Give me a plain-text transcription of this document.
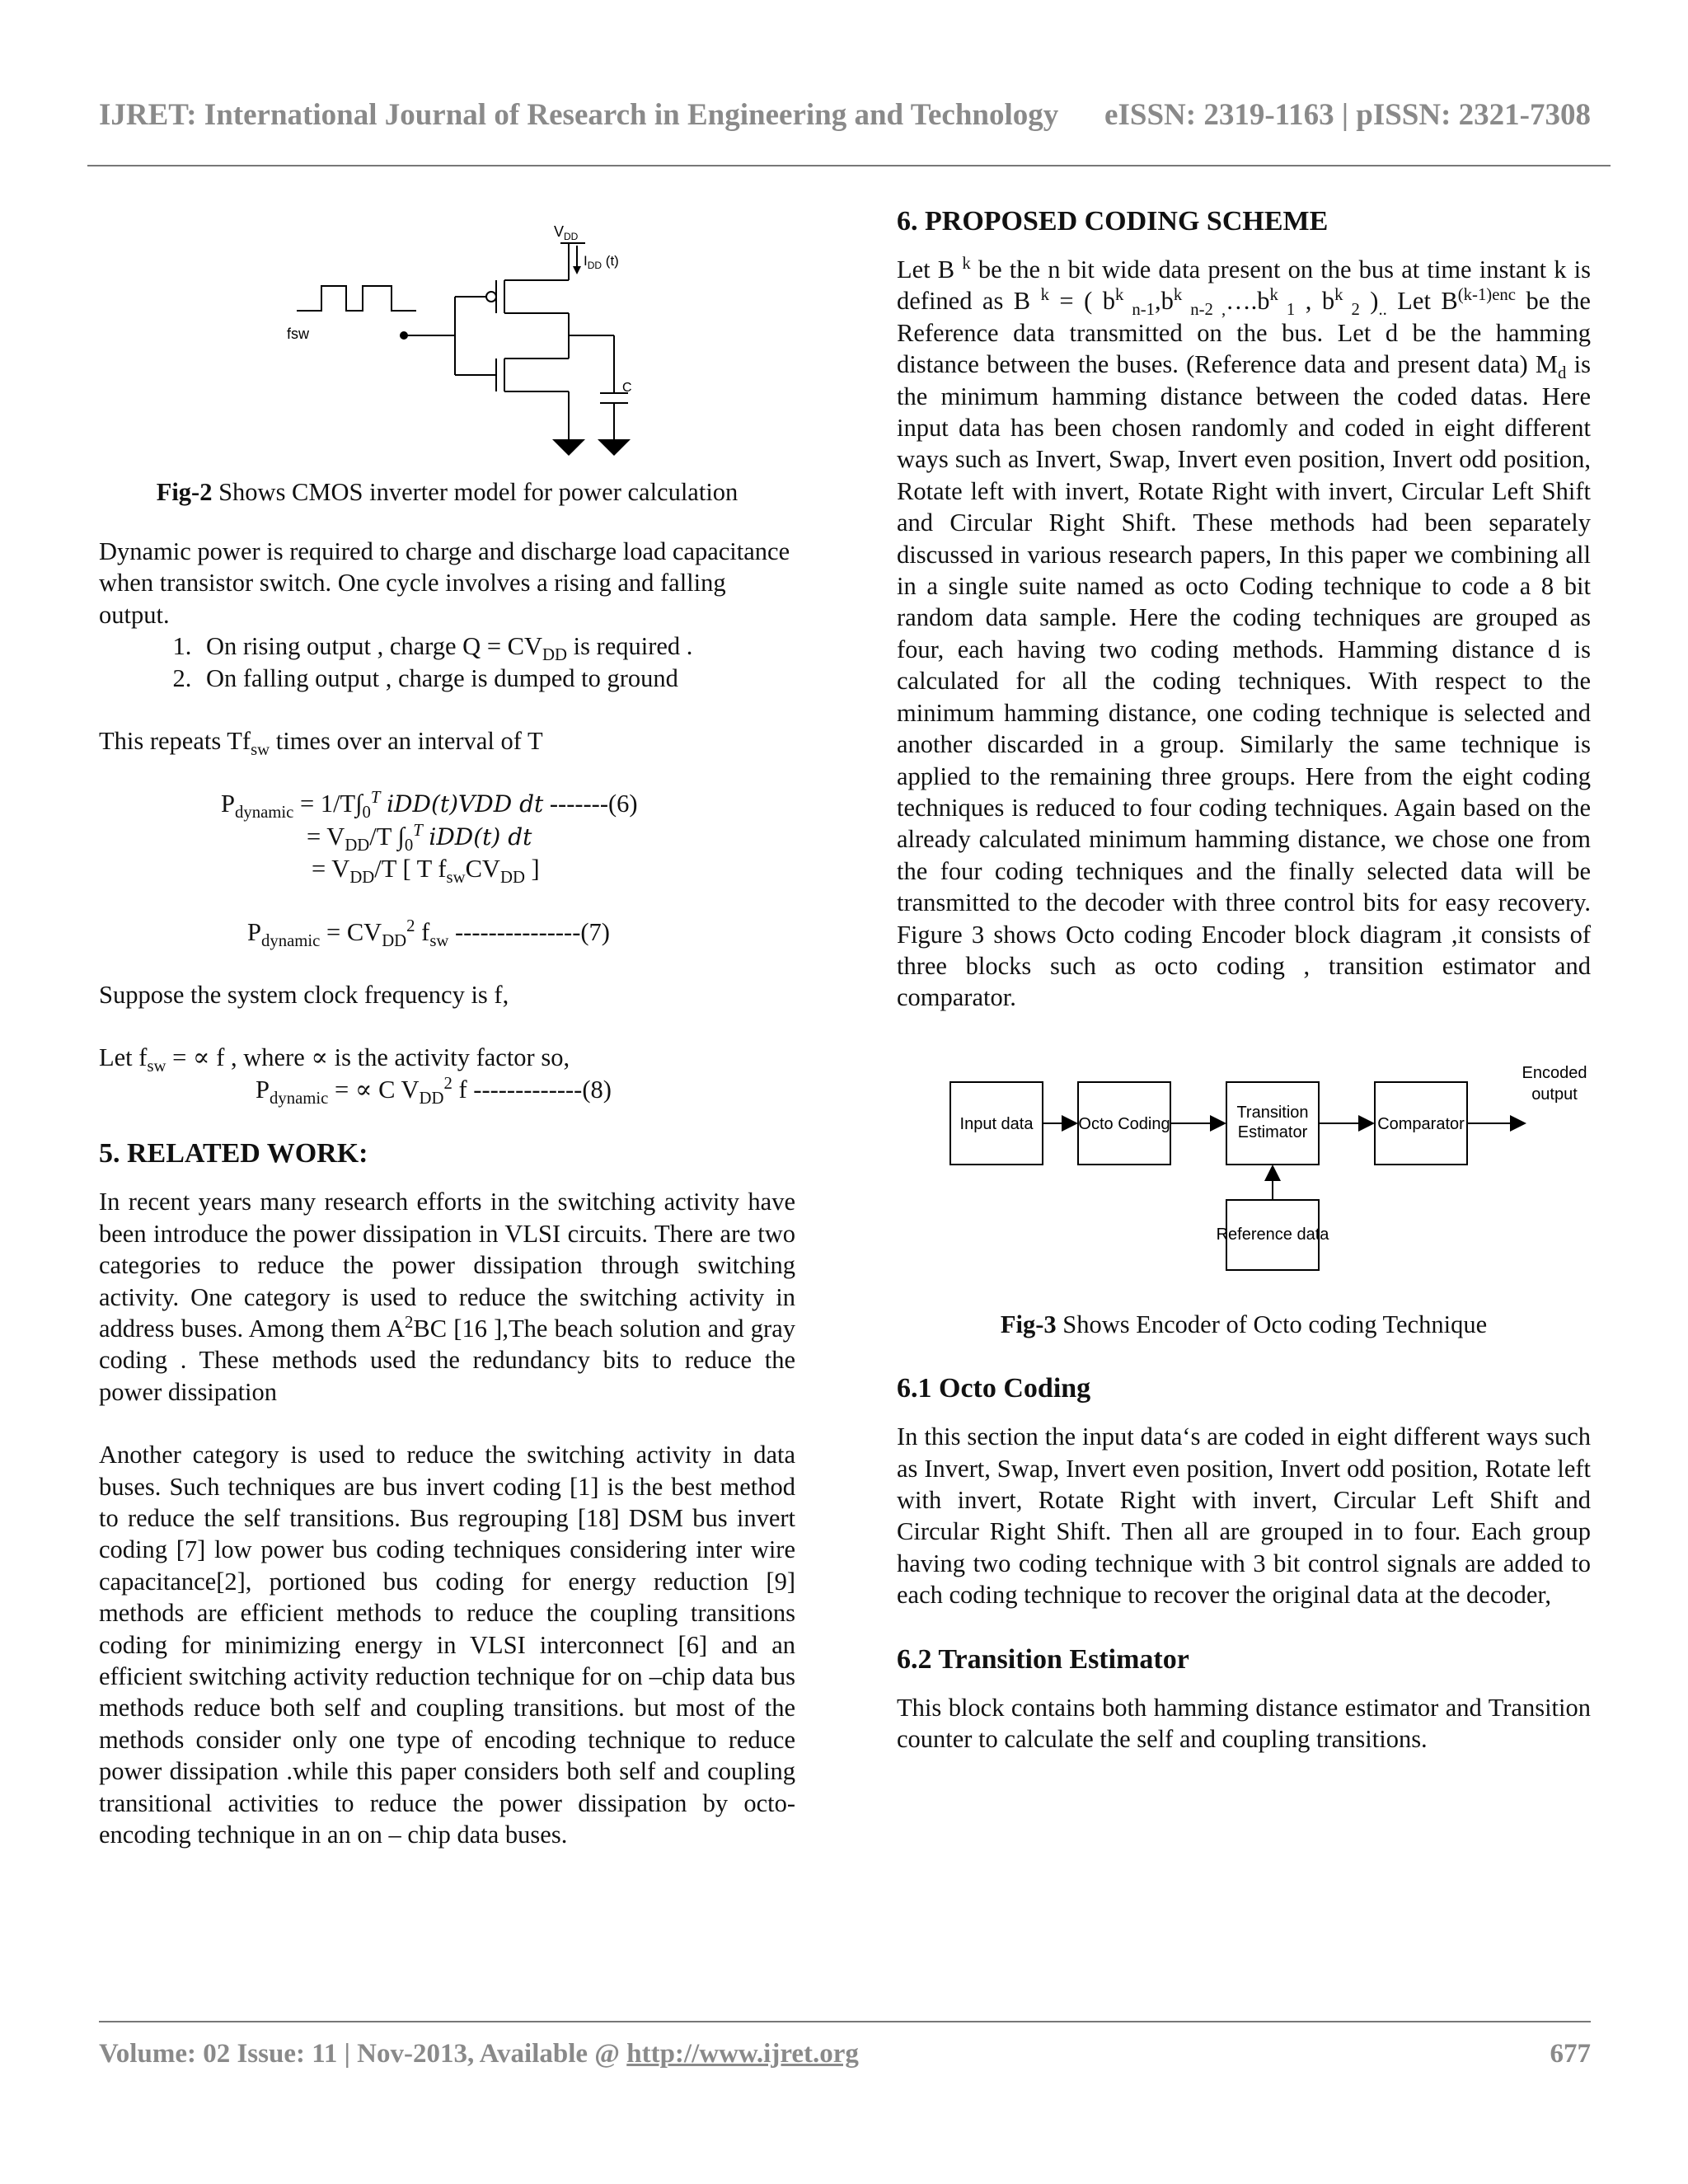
IJRET: International Journal of Research in Engineering and Technology eISSN: 2319-1163 | pISSN: 2321-7308
$V_{DD}$
$I_{DD}$ (t)
fsw
C
Fig-2 Shows CMOS inverter model for power calculation

Dynamic power is required to charge and discharge load capacitance when transistor switch. One cycle involves a rising and falling output.

1. On rising output , charge $Q = CV_{DD}$ is required .
2. On falling output , charge is dumped to ground

This repeats $Tf_{sw}$ times over an interval of T

$P_{dynamic} = 1/T\int_0^T$ iDD(t)VDD dt -------(6)

= $V_{DD}/T$ $\int_0^T$ iDD(t) dt

= $V_{DD}/T$ [ T $f_{sw}CV_{DD}$ ]

$P_{dynamic} = CV_{DD}^2$ $f_{sw}$ ---------------(7)

Suppose the system clock frequency is f,

Let $f_{sw}$ = ∝ f , where ∝ is the activity factor so,

$P_{dynamic}$ = ∝ C $V_{DD}^2$ f -------------(8)

5. RELATED WORK:

In recent years many research efforts in the switching activity have been introduce the power dissipation in VLSI circuits. There are two categories to reduce the power dissipation through switching activity. One category is used to reduce the switching activity in address buses. Among them $A^2BC$ [16 ],The beach solution and gray coding . These methods used the redundancy bits to reduce the power dissipation

Another category is used to reduce the switching activity in data buses. Such techniques are bus invert coding [1] is the best method to reduce the self transitions. Bus regrouping [18] DSM bus invert coding [7] low power bus coding techniques considering inter wire capacitance[2], portioned bus coding for energy reduction [9] methods are efficient methods to reduce the coupling transitions coding for minimizing energy in VLSI interconnect [6] and an efficient switching activity reduction technique for on –chip data bus methods reduce both self and coupling transitions. but most of the methods consider only one type of encoding technique to reduce power dissipation .while this paper considers both self and coupling transitional activities to reduce the power dissipation by octo-encoding technique in an on – chip data buses.

6. PROPOSED CODING SCHEME

Let B $^k$ be the n bit wide data present on the bus at time instant k is defined as B $^k$ = ( $b^k$ $_{n-1},b^k$ $_{n-2 ,}\dots.b^k$ $_1$ , $b^k$ $_2$ )$_{..}$ Let $B^{(k-1)enc}$ be the Reference data transmitted on the bus. Let d be the hamming distance between the buses. (Reference data and present data) $M_d$ is the minimum hamming distance between the coded datas. Here input data has been chosen randomly and coded in eight different ways such as Invert, Swap, Invert even position, Invert odd position, Rotate left with invert, Rotate Right with invert, Circular Left Shift and Circular Right Shift. These methods had been separately discussed in various research papers, In this paper we combining all in a single suite named as octo Coding technique to code a 8 bit random data sample. Here the coding techniques are grouped as four, each having two coding methods. Hamming distance d is calculated for all the coding techniques. With respect to the minimum hamming distance, one coding technique is selected and another discarded in a group. Similarly the same technique is applied to the remaining three groups. Here from the eight coding techniques is reduced to four coding techniques. Again based on the already calculated minimum hamming distance, we chose one from the four coding techniques and the finally selected data will be transmitted to the decoder with three control bits for easy recovery. Figure 3 shows Octo coding Encoder block diagram ,it consists of three blocks such as octo coding , transition estimator and comparator.

Input data	Octo Coding
Transition
Estimator	Comparator
Reference data
Encoded
output

Fig-3 Shows Encoder of Octo coding Technique

6.1 Octo Coding

In this section the input data‘s are coded in eight different ways such as Invert, Swap, Invert even position, Invert odd position, Rotate left with invert, Rotate Right with invert, Circular Left Shift and Circular Right Shift. Then all are grouped in to four. Each group having two coding technique with 3 bit control signals are added to each coding technique to recover the original data at the decoder,

6.2 Transition Estimator

This block contains both hamming distance estimator and Transition counter to calculate the self and coupling transitions.

Volume: 02 Issue: 11 | Nov-2013, Available @ http://www.ijret.org	677
